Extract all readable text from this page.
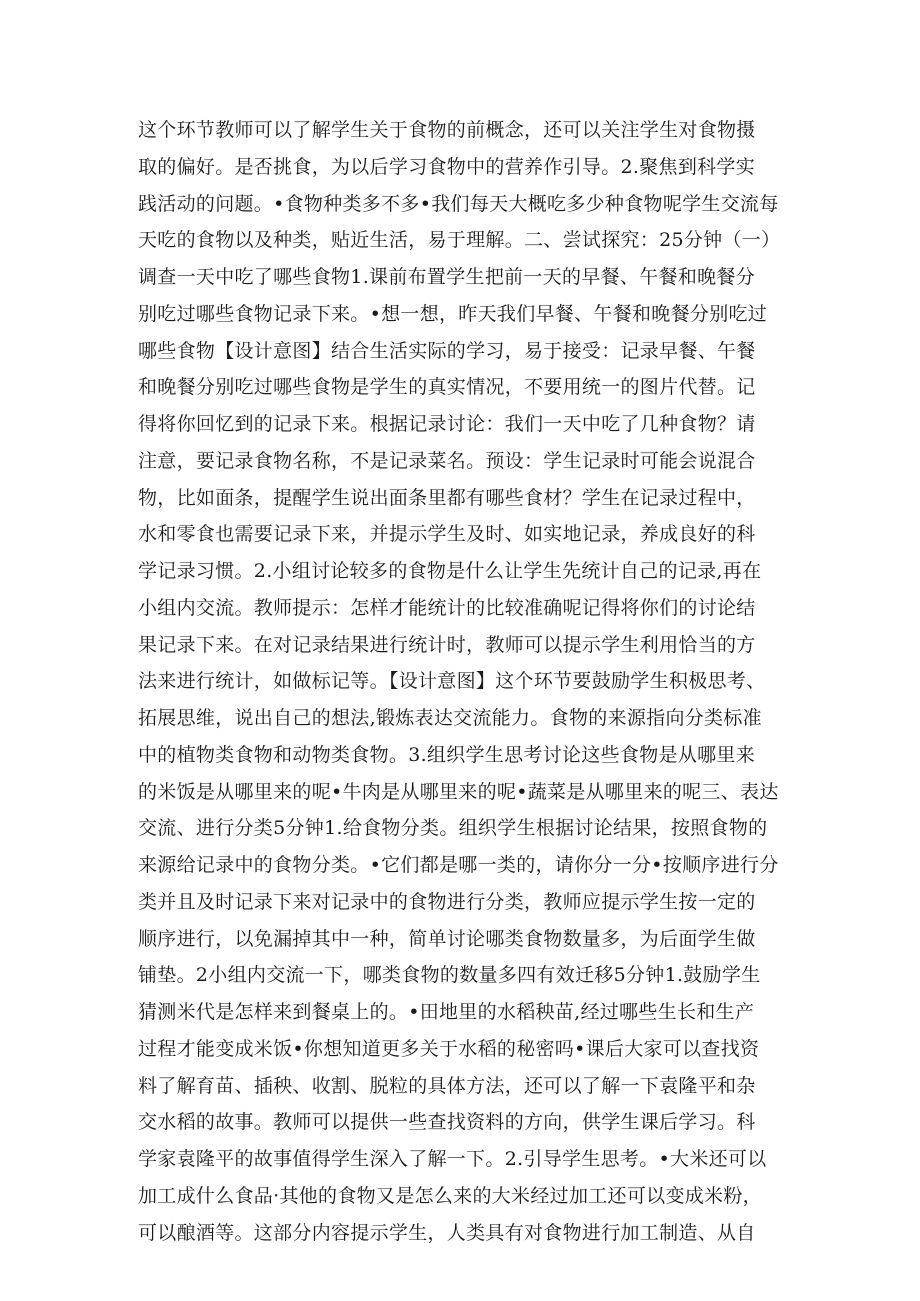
这个环节教师可以了解学生关于食物的前概念，还可以关注学生对食物摄
取的偏好。是否挑食，为以后学习食物中的营养作引导。2.聚焦到科学实
践活动的问题。•食物种类多不多•我们每天大概吃多少种食物呢学生交流每
天吃的食物以及种类，贴近生活，易于理解。二、尝试探究：25分钟（一）
调查一天中吃了哪些食物1.课前布置学生把前一天的早餐、午餐和晚餐分
别吃过哪些食物记录下来。•想一想，昨天我们早餐、午餐和晚餐分别吃过
哪些食物【设计意图】结合生活实际的学习，易于接受：记录早餐、午餐
和晚餐分别吃过哪些食物是学生的真实情况，不要用统一的图片代替。记
得将你回忆到的记录下来。根据记录讨论：我们一天中吃了几种食物？请
注意，要记录食物名称，不是记录菜名。预设：学生记录时可能会说混合
物，比如面条，提醒学生说出面条里都有哪些食材？学生在记录过程中，
水和零食也需要记录下来，并提示学生及时、如实地记录，养成良好的科
学记录习惯。2.小组讨论较多的食物是什么让学生先统计自己的记录,再在
小组内交流。教师提示：怎样才能统计的比较准确呢记得将你们的讨论结
果记录下来。在对记录结果进行统计时，教师可以提示学生利用恰当的方
法来进行统计，如做标记等。【设计意图】这个环节要鼓励学生积极思考、
拓展思维，说出自己的想法,锻炼表达交流能力。食物的来源指向分类标准
中的植物类食物和动物类食物。3.组织学生思考讨论这些食物是从哪里来
的米饭是从哪里来的呢•牛肉是从哪里来的呢•蔬菜是从哪里来的呢三、表达
交流、进行分类5分钟1.给食物分类。组织学生根据讨论结果，按照食物的
来源给记录中的食物分类。•它们都是哪一类的，请你分一分•按顺序进行分
类并且及时记录下来对记录中的食物进行分类，教师应提示学生按一定的
顺序进行，以免漏掉其中一种，简单讨论哪类食物数量多，为后面学生做
铺垫。2小组内交流一下，哪类食物的数量多四有效迁移5分钟1.鼓励学生
猜测米代是怎样来到餐桌上的。•田地里的水稻秧苗,经过哪些生长和生产
过程才能变成米饭•你想知道更多关于水稻的秘密吗•课后大家可以查找资
料了解育苗、插秧、收割、脱粒的具体方法，还可以了解一下袁隆平和杂
交水稻的故事。教师可以提供一些查找资料的方向，供学生课后学习。科
学家袁隆平的故事值得学生深入了解一下。2.引导学生思考。•大米还可以
加工成什么食品·其他的食物又是怎么来的大米经过加工还可以变成米粉，
可以酿酒等。这部分内容提示学生，人类具有对食物进行加工制造、从自
